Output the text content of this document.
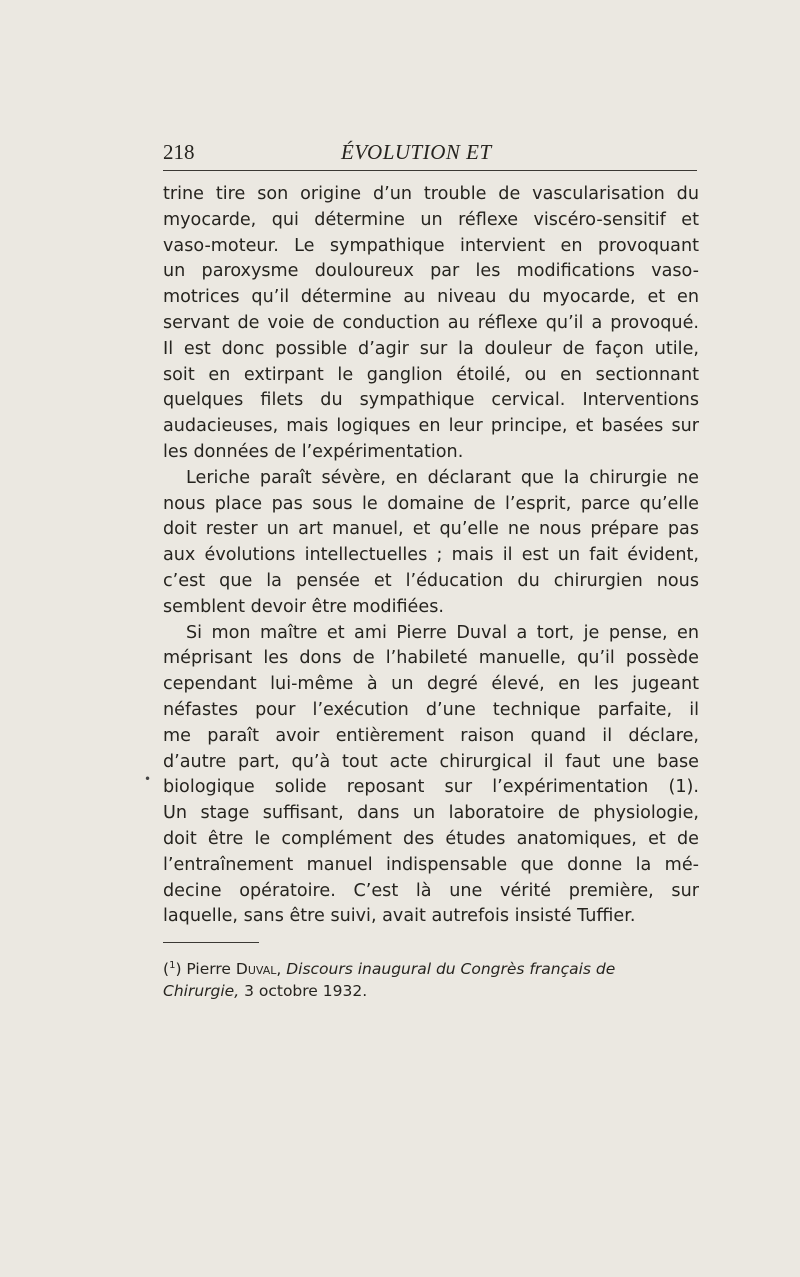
218	ÉVOLUTION ET
trine tire son origine d’un trouble de vascularisation du
myocarde, qui détermine un réflexe viscéro-sensitif et
vaso-moteur. Le sympathique intervient en provoquant
un paroxysme douloureux par les modifications vaso-
motrices qu’il détermine au niveau du myocarde, et en
servant de voie de conduction au réflexe qu’il a provoqué.
Il est donc possible d’agir sur la douleur de façon utile,
soit en extirpant le ganglion étoilé, ou en sectionnant
quelques filets du sympathique cervical. Interventions
audacieuses, mais logiques en leur principe, et basées sur
les données de l’expérimentation.
Leriche paraît sévère, en déclarant que la chirurgie ne
nous place pas sous le domaine de l’esprit, parce qu’elle
doit rester un art manuel, et qu’elle ne nous prépare pas
aux évolutions intellectuelles ; mais il est un fait évident,
c’est que la pensée et l’éducation du chirurgien nous
semblent devoir être modifiées.
Si mon maître et ami Pierre Duval a tort, je pense, en
méprisant les dons de l’habileté manuelle, qu’il possède
cependant lui-même à un degré élevé, en les jugeant
néfastes pour l’exécution d’une technique parfaite, il
me paraît avoir entièrement raison quand il déclare,
d’autre part, qu’à tout acte chirurgical il faut une base
biologique solide reposant sur l’expérimentation (1).
Un stage suffisant, dans un laboratoire de physiologie,
doit être le complément des études anatomiques, et de
l’entraînement manuel indispensable que donne la mé-
decine opératoire. C’est là une vérité première, sur
laquelle, sans être suivi, avait autrefois insisté Tuffier.
•
($^1$) Pierre Duval, Discours inaugural du Congrès français de
Chirurgie, 3 octobre 1932.
